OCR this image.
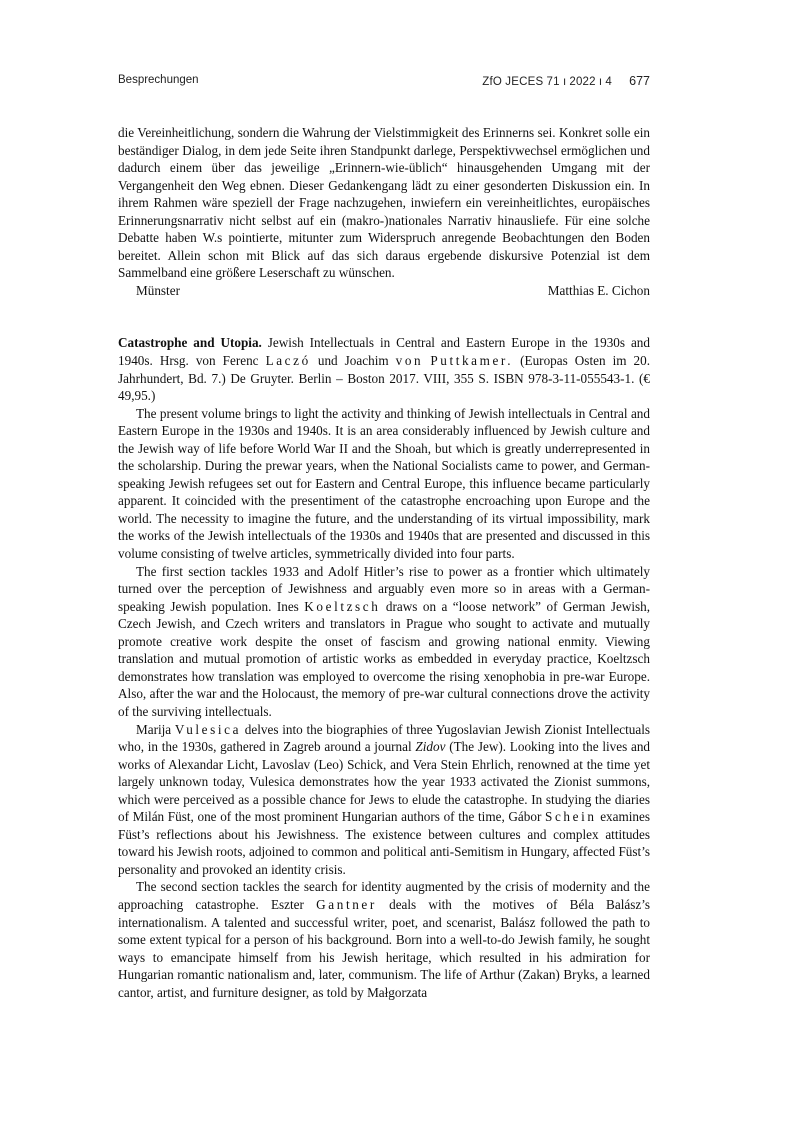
Besprechungen	ZfO JECES 71 ı 2022 ı 4 677

die Vereinheitlichung, sondern die Wahrung der Vielstimmigkeit des Erinnerns sei. Konkret solle ein beständiger Dialog, in dem jede Seite ihren Standpunkt darlege, Perspektivwechsel ermöglichen und dadurch einem über das jeweilige „Erinnern-wie-üblich“ hinausgehenden Umgang mit der Vergangenheit den Weg ebnen. Dieser Gedankengang lädt zu einer gesonderten Diskussion ein. In ihrem Rahmen wäre speziell der Frage nachzugehen, inwiefern ein vereinheitlichtes, europäisches Erinnerungsnarrativ nicht selbst auf ein (makro-)nationales Narrativ hinausliefe. Für eine solche Debatte haben W.s pointierte, mitunter zum Widerspruch anregende Beobachtungen den Boden bereitet. Allein schon mit Blick auf das sich daraus ergebende diskursive Potenzial ist dem Sammelband eine größere Leserschaft zu wünschen.

Münster	Matthias E. Cichon

Catastrophe and Utopia. Jewish Intellectuals in Central and Eastern Europe in the 1930s and 1940s. Hrsg. von Ferenc Laczó und Joachim von Puttkamer. (Europas Osten im 20. Jahrhundert, Bd. 7.) De Gruyter. Berlin – Boston 2017. VIII, 355 S. ISBN 978-3-11-055543-1. (€ 49,95.)

The present volume brings to light the activity and thinking of Jewish intellectuals in Central and Eastern Europe in the 1930s and 1940s. It is an area considerably influenced by Jewish culture and the Jewish way of life before World War II and the Shoah, but which is greatly underrepresented in the scholarship. During the prewar years, when the National Socialists came to power, and German-speaking Jewish refugees set out for Eastern and Central Europe, this influence became particularly apparent. It coincided with the presentiment of the catastrophe encroaching upon Europe and the world. The necessity to imagine the future, and the understanding of its virtual impossibility, mark the works of the Jewish intellectuals of the 1930s and 1940s that are presented and discussed in this volume consisting of twelve articles, symmetrically divided into four parts.

The first section tackles 1933 and Adolf Hitler’s rise to power as a frontier which ultimately turned over the perception of Jewishness and arguably even more so in areas with a German-speaking Jewish population. Ines Koeltzsch draws on a “loose network” of German Jewish, Czech Jewish, and Czech writers and translators in Prague who sought to activate and mutually promote creative work despite the onset of fascism and growing national enmity. Viewing translation and mutual promotion of artistic works as embedded in everyday practice, Koeltzsch demonstrates how translation was employed to overcome the rising xenophobia in pre-war Europe. Also, after the war and the Holocaust, the memory of pre-war cultural connections drove the activity of the surviving intellectuals.

Marija Vulesica delves into the biographies of three Yugoslavian Jewish Zionist Intellectuals who, in the 1930s, gathered in Zagreb around a journal Zidov (The Jew). Looking into the lives and works of Alexandar Licht, Lavoslav (Leo) Schick, and Vera Stein Ehrlich, renowned at the time yet largely unknown today, Vulesica demonstrates how the year 1933 activated the Zionist summons, which were perceived as a possible chance for Jews to elude the catastrophe. In studying the diaries of Milán Füst, one of the most prominent Hungarian authors of the time, Gábor Schein examines Füst’s reflections about his Jewishness. The existence between cultures and complex attitudes toward his Jewish roots, adjoined to common and political anti-Semitism in Hungary, affected Füst’s personality and provoked an identity crisis.

The second section tackles the search for identity augmented by the crisis of modernity and the approaching catastrophe. Eszter Gantner deals with the motives of Béla Balász’s internationalism. A talented and successful writer, poet, and scenarist, Balász followed the path to some extent typical for a person of his background. Born into a well-to-do Jewish family, he sought ways to emancipate himself from his Jewish heritage, which resulted in his admiration for Hungarian romantic nationalism and, later, communism. The life of Arthur (Zakan) Bryks, a learned cantor, artist, and furniture designer, as told by Małgorzata
